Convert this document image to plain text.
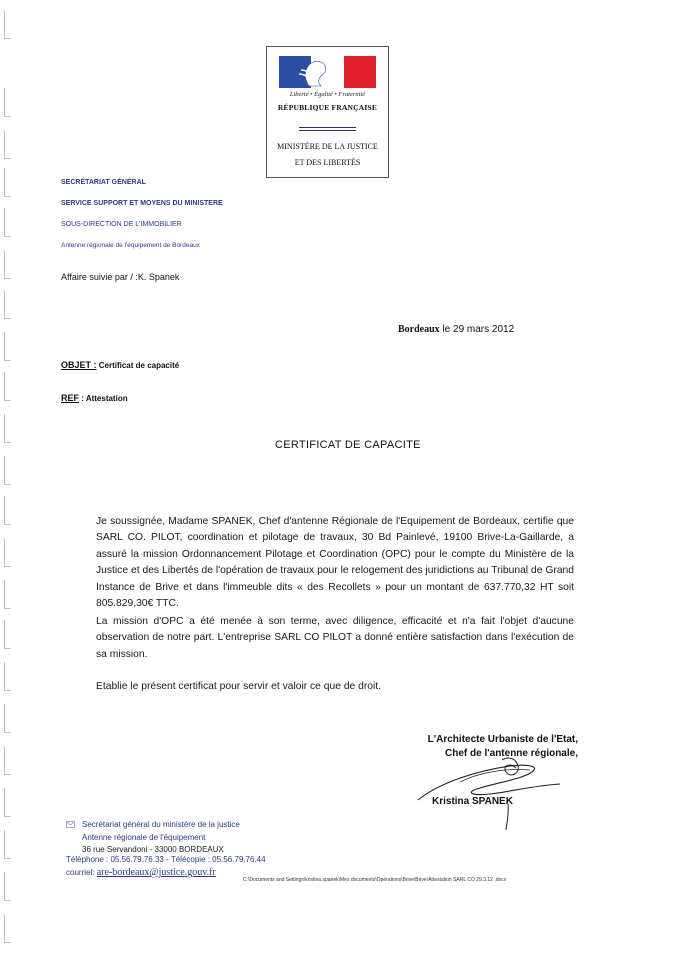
Liberté • Égalité • Fraternité
RÉPUBLIQUE FRANÇAISE
MINISTÈRE DE LA JUSTICE
ET DES LIBERTÉS
SECRÉTARIAT GÉNÉRAL
SERVICE SUPPORT ET MOYENS DU MINISTERE
SOUS-DIRECTION DE L'IMMOBILIER
Antenne régionale de l'équipement de Bordeaux
Affaire suivie par / :K. Spanek
Bordeaux le 29 mars 2012
OBJET : Certificat de capacité
REF : Attestation
CERTIFICAT DE CAPACITE
Je soussignée, Madame SPANEK, Chef d'antenne Régionale de l'Equipement de Bordeaux, certifie que SARL CO. PILOT, coordination et pilotage de travaux, 30 Bd Painlevé, 19100 Brive-La-Gaillarde, a assuré la mission Ordonnancement Pilotage et Coordination (OPC) pour le compte du Ministère de la Justice et des Libertés de l'opération de travaux pour le relogement des juridictions au Tribunal de Grand Instance de Brive et dans l'immeuble dits « des Recollets » pour un montant de 637.770,32 HT soit 805.829,30€ TTC.
La mission d'OPC a été menée à son terme, avec diligence, efficacité et n'a fait l'objet d'aucune observation de notre part. L'entreprise SARL CO PILOT a donné entière satisfaction dans l'exécution de sa mission.
Etablie le présent certificat pour servir et valoir ce que de droit.
L'Architecte Urbaniste de l'Etat,
Chef de l'antenne régionale,
Kristina SPANEK
Secrétariat général du ministère de la justice
Antenne régionale de l'équipement
36 rue Servandoni - 33000 BORDEAUX
Téléphone : 05.56.79.76.33 - Télécopie : 05.56.79.76.44
courriel: are-bordeaux@justice.gouv.fr
C:\Documents and Settings\kristina.spanek\Mes documents\Opérations\Brive\Brive\Attestation SARL CO 29.3.12 .docx
